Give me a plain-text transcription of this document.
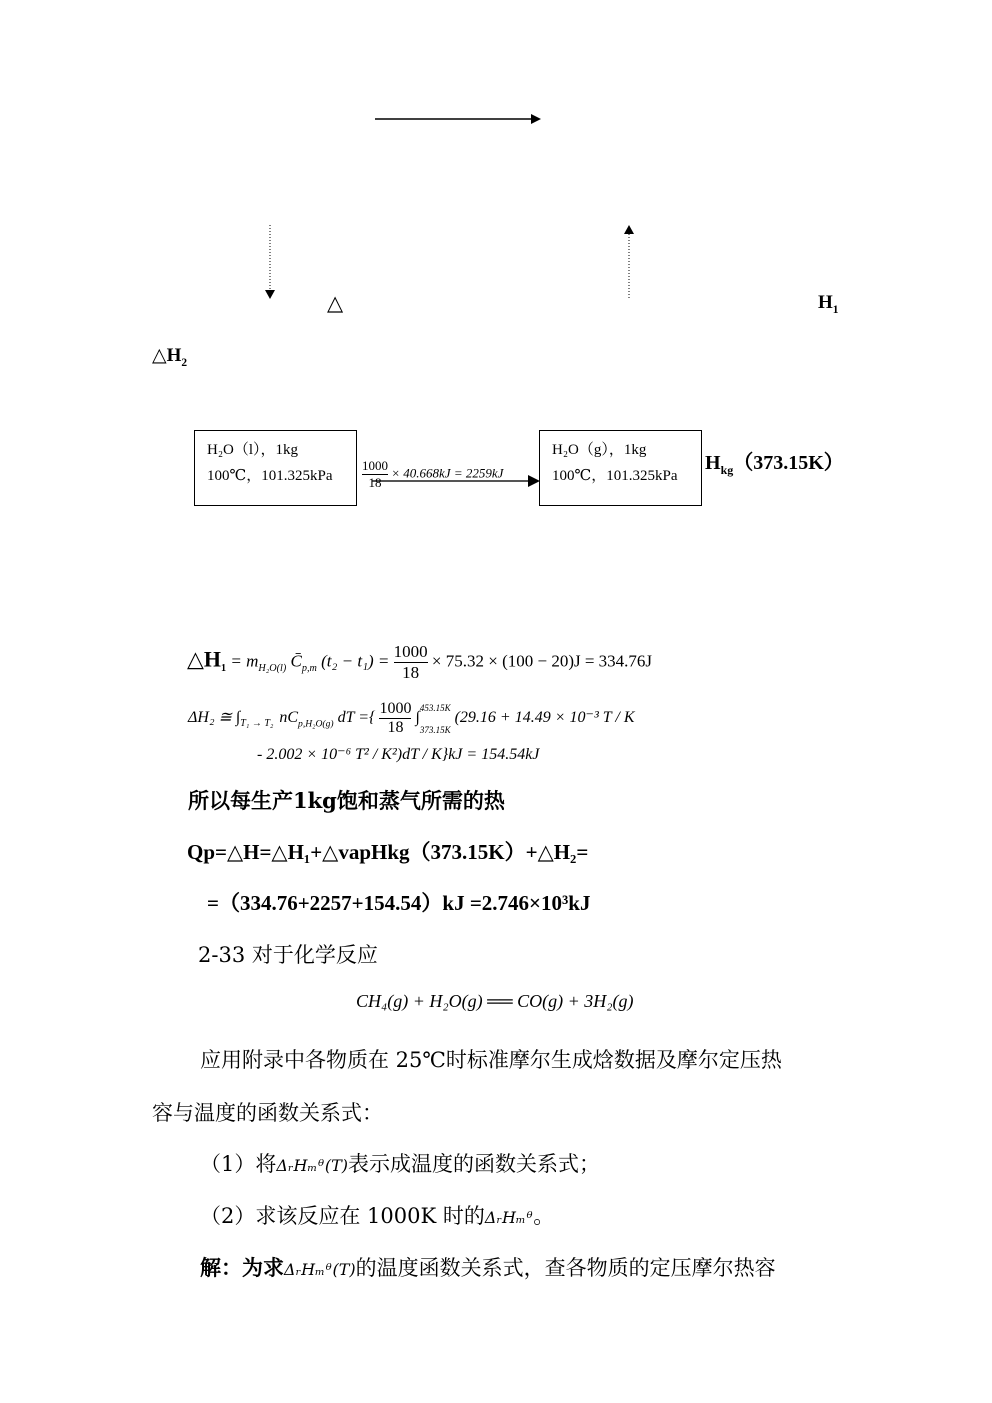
△	$H_1$
$\triangle H_2$
H₂O（l），1kg
100℃，101.325kPa
H₂O（g），1kg
100℃，101.325kPa
$\frac{1000}{18} \times 40.668kJ = 2259kJ$	$H_{kg}(373.15K)$
$\triangle H_1 = m_{H_2O(l)}$ $C̄_{p,m}$ $(t_2 - t_1) = \frac{1000}{18} \times 75.32 \times (100 - 20)J = 334.76J$
ΔH₂ ≅ $\int_{T_1 \to T_2}$ $nC_{p,H_2O(g)}$ dT ={ $\frac{1000}{18}$ ∫
453.15K
373.15K
(29.16 + 14.49 × 10⁻³ T / K
- 2.002 × 10⁻⁶ T² / K²)dT / K}kJ = 154.54kJ
所以每生产1kg饱和蒸气所需的热
Qp=△H=△H₁+△vapHkg（373.15K）+△H₂=
=（334.76+2257+154.54）kJ =2.746×10³kJ
2-33 对于化学反应
CH₄(g) + H₂O(g) ══ CO(g) + 3H₂(g)
应用附录中各物质在 25℃时标准摩尔生成焓数据及摩尔定压热
容与温度的函数关系式：
（1）将ΔᵣHₘᶿ(T)表示成温度的函数关系式；
（2）求该反应在 1000K 时的ΔᵣHₘᶿ。
解：为求ΔᵣHₘᶿ(T)的温度函数关系式，查各物质的定压摩尔热容
